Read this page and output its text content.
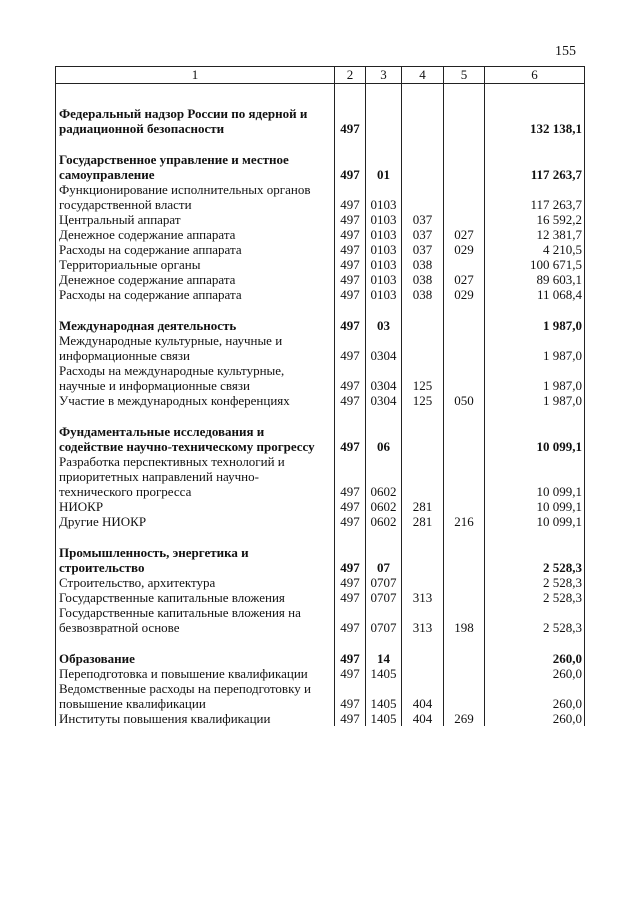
155
1	2	3	4	5	6

Федеральный надзор России по ядерной и радиационной безопасности	497				132 138,1

Государственное управление и местное самоуправление	497	01			117 263,7
Функционирование исполнительных органов государственной власти	497	0103			117 263,7
Центральный аппарат	497	0103	037		16 592,2
Денежное содержание аппарата	497	0103	037	027	12 381,7
Расходы на содержание аппарата	497	0103	037	029	4 210,5
Территориальные органы	497	0103	038		100 671,5
Денежное содержание аппарата	497	0103	038	027	89 603,1
Расходы на содержание аппарата	497	0103	038	029	11 068,4

Международная деятельность	497	03			1 987,0
Международные культурные, научные и информационные связи	497	0304			1 987,0
Расходы на международные культурные, научные и информационные связи	497	0304	125		1 987,0
Участие в международных конференциях	497	0304	125	050	1 987,0

Фундаментальные исследования и содействие научно-техническому прогрессу	497	06			10 099,1
Разработка перспективных технологий и приоритетных направлений научно-технического прогресса	497	0602			10 099,1
НИОКР	497	0602	281		10 099,1
Другие НИОКР	497	0602	281	216	10 099,1

Промышленность, энергетика и строительство	497	07			2 528,3
Строительство, архитектура	497	0707			2 528,3
Государственные капитальные вложения	497	0707	313		2 528,3
Государственные капитальные вложения на безвозвратной основе	497	0707	313	198	2 528,3

Образование	497	14			260,0
Переподготовка и повышение квалификации	497	1405			260,0
Ведомственные расходы на переподготовку и повышение квалификации	497	1405	404		260,0
Институты повышения квалификации	497	1405	404	269	260,0
